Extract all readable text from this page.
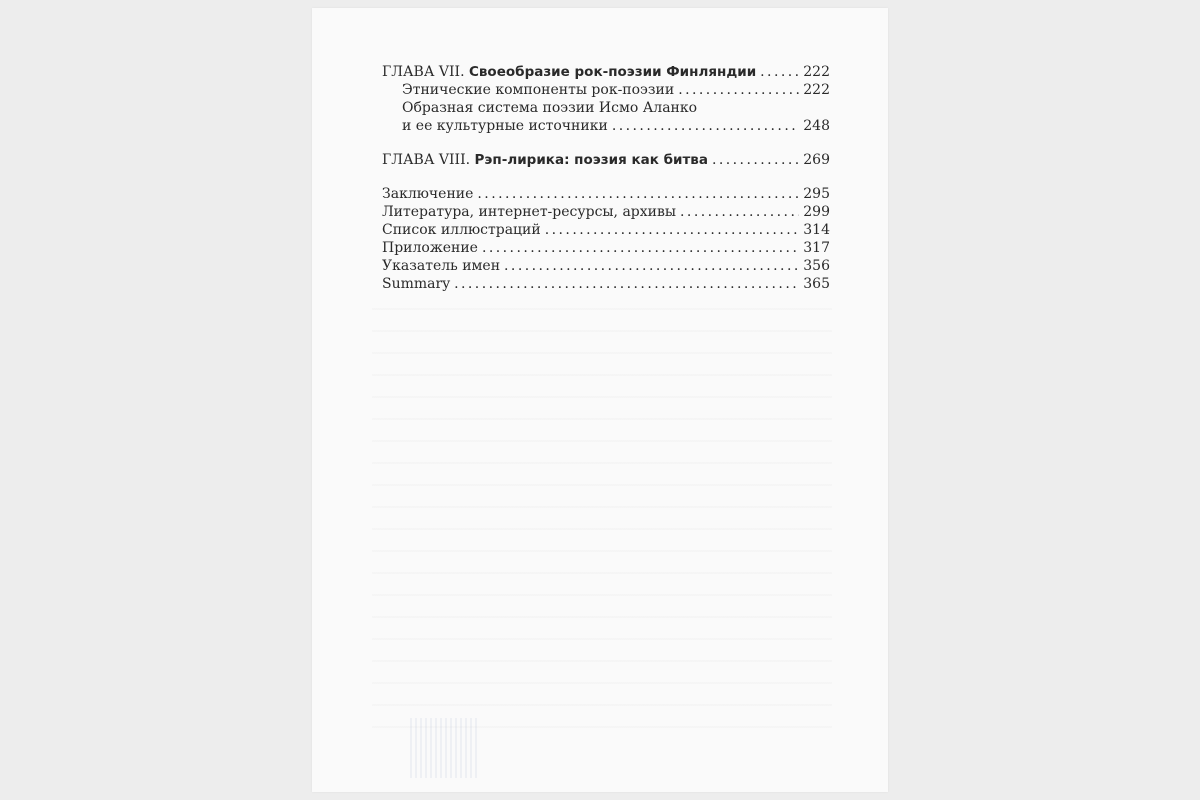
ГЛАВА VII. Своеобразие рок-поэзии Финляндии . . .	222
Этнические компоненты рок-поэзии . . .	222
Образная система поэзии Исмо Аланко
и ее культурные источники . . .	248
ГЛАВА VIII. Рэп-лирика: поэзия как битва . . .	269
Заключение . . .	295
Литература, интернет-ресурсы, архивы . . .	299
Список иллюстраций . . .	314
Приложение . . .	317
Указатель имен . . .	356
Summary . . .	365
